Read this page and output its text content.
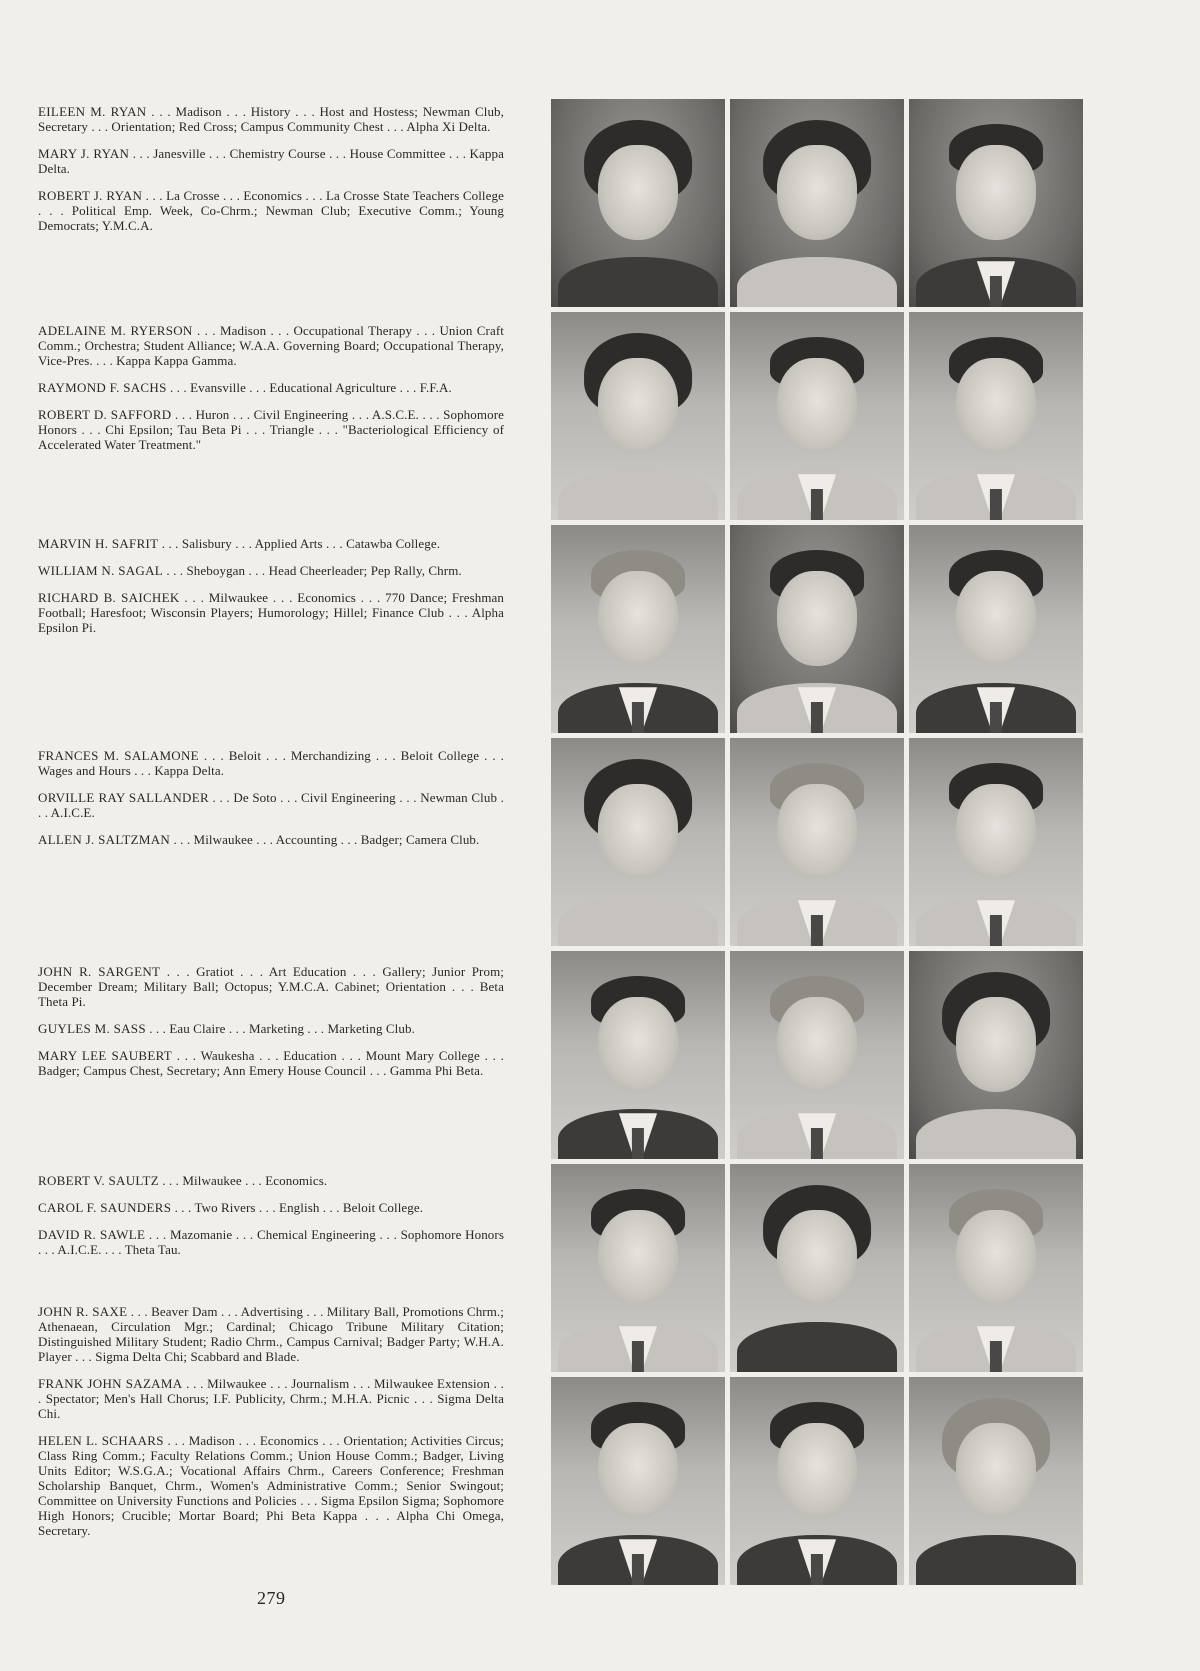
EILEEN M. RYAN . . . Madison . . . History . . . Host and Hostess; Newman Club, Secretary . . . Orientation; Red Cross; Campus Community Chest . . . Alpha Xi Delta.

MARY J. RYAN . . . Janesville . . . Chemistry Course . . . House Committee . . . Kappa Delta.

ROBERT J. RYAN . . . La Crosse . . . Economics . . . La Crosse State Teachers College . . . Political Emp. Week, Co-Chrm.; Newman Club; Executive Comm.; Young Democrats; Y.M.C.A.

ADELAINE M. RYERSON . . . Madison . . . Occupational Therapy . . . Union Craft Comm.; Orchestra; Student Alliance; W.A.A. Governing Board; Occupational Therapy, Vice-Pres. . . . Kappa Kappa Gamma.

RAYMOND F. SACHS . . . Evansville . . . Educational Agriculture . . . F.F.A.

ROBERT D. SAFFORD . . . Huron . . . Civil Engineering . . . A.S.C.E. . . . Sophomore Honors . . . Chi Epsilon; Tau Beta Pi . . . Triangle . . . "Bacteriological Efficiency of Accelerated Water Treatment."

MARVIN H. SAFRIT . . . Salisbury . . . Applied Arts . . . Catawba College.

WILLIAM N. SAGAL . . . Sheboygan . . . Head Cheerleader; Pep Rally, Chrm.

RICHARD B. SAICHEK . . . Milwaukee . . . Economics . . . 770 Dance; Freshman Football; Haresfoot; Wisconsin Players; Humorology; Hillel; Finance Club . . . Alpha Epsilon Pi.

FRANCES M. SALAMONE . . . Beloit . . . Merchandizing . . . Beloit College . . . Wages and Hours . . . Kappa Delta.

ORVILLE RAY SALLANDER . . . De Soto . . . Civil Engineering . . . Newman Club . . . A.I.C.E.

ALLEN J. SALTZMAN . . . Milwaukee . . . Accounting . . . Badger; Camera Club.

JOHN R. SARGENT . . . Gratiot . . . Art Education . . . Gallery; Junior Prom; December Dream; Military Ball; Octopus; Y.M.C.A. Cabinet; Orientation . . . Beta Theta Pi.

GUYLES M. SASS . . . Eau Claire . . . Marketing . . . Marketing Club.

MARY LEE SAUBERT . . . Waukesha . . . Education . . . Mount Mary College . . . Badger; Campus Chest, Secretary; Ann Emery House Council . . . Gamma Phi Beta.

ROBERT V. SAULTZ . . . Milwaukee . . . Economics.

CAROL F. SAUNDERS . . . Two Rivers . . . English . . . Beloit College.

DAVID R. SAWLE . . . Mazomanie . . . Chemical Engineering . . . Sophomore Honors . . . A.I.C.E. . . . Theta Tau.

JOHN R. SAXE . . . Beaver Dam . . . Advertising . . . Military Ball, Promotions Chrm.; Athenaean, Circulation Mgr.; Cardinal; Chicago Tribune Military Citation; Distinguished Military Student; Radio Chrm., Campus Carnival; Badger Party; W.H.A. Player . . . Sigma Delta Chi; Scabbard and Blade.

FRANK JOHN SAZAMA . . . Milwaukee . . . Journalism . . . Milwaukee Extension . . . Spectator; Men's Hall Chorus; I.F. Publicity, Chrm.; M.H.A. Picnic . . . Sigma Delta Chi.

HELEN L. SCHAARS . . . Madison . . . Economics . . . Orientation; Activities Circus; Class Ring Comm.; Faculty Relations Comm.; Union House Comm.; Badger, Living Units Editor; W.S.G.A.; Vocational Affairs Chrm., Careers Conference; Freshman Scholarship Banquet, Chrm., Women's Administrative Comm.; Senior Swingout; Committee on University Functions and Policies . . . Sigma Epsilon Sigma; Sophomore High Honors; Crucible; Mortar Board; Phi Beta Kappa . . . Alpha Chi Omega, Secretary.

279
